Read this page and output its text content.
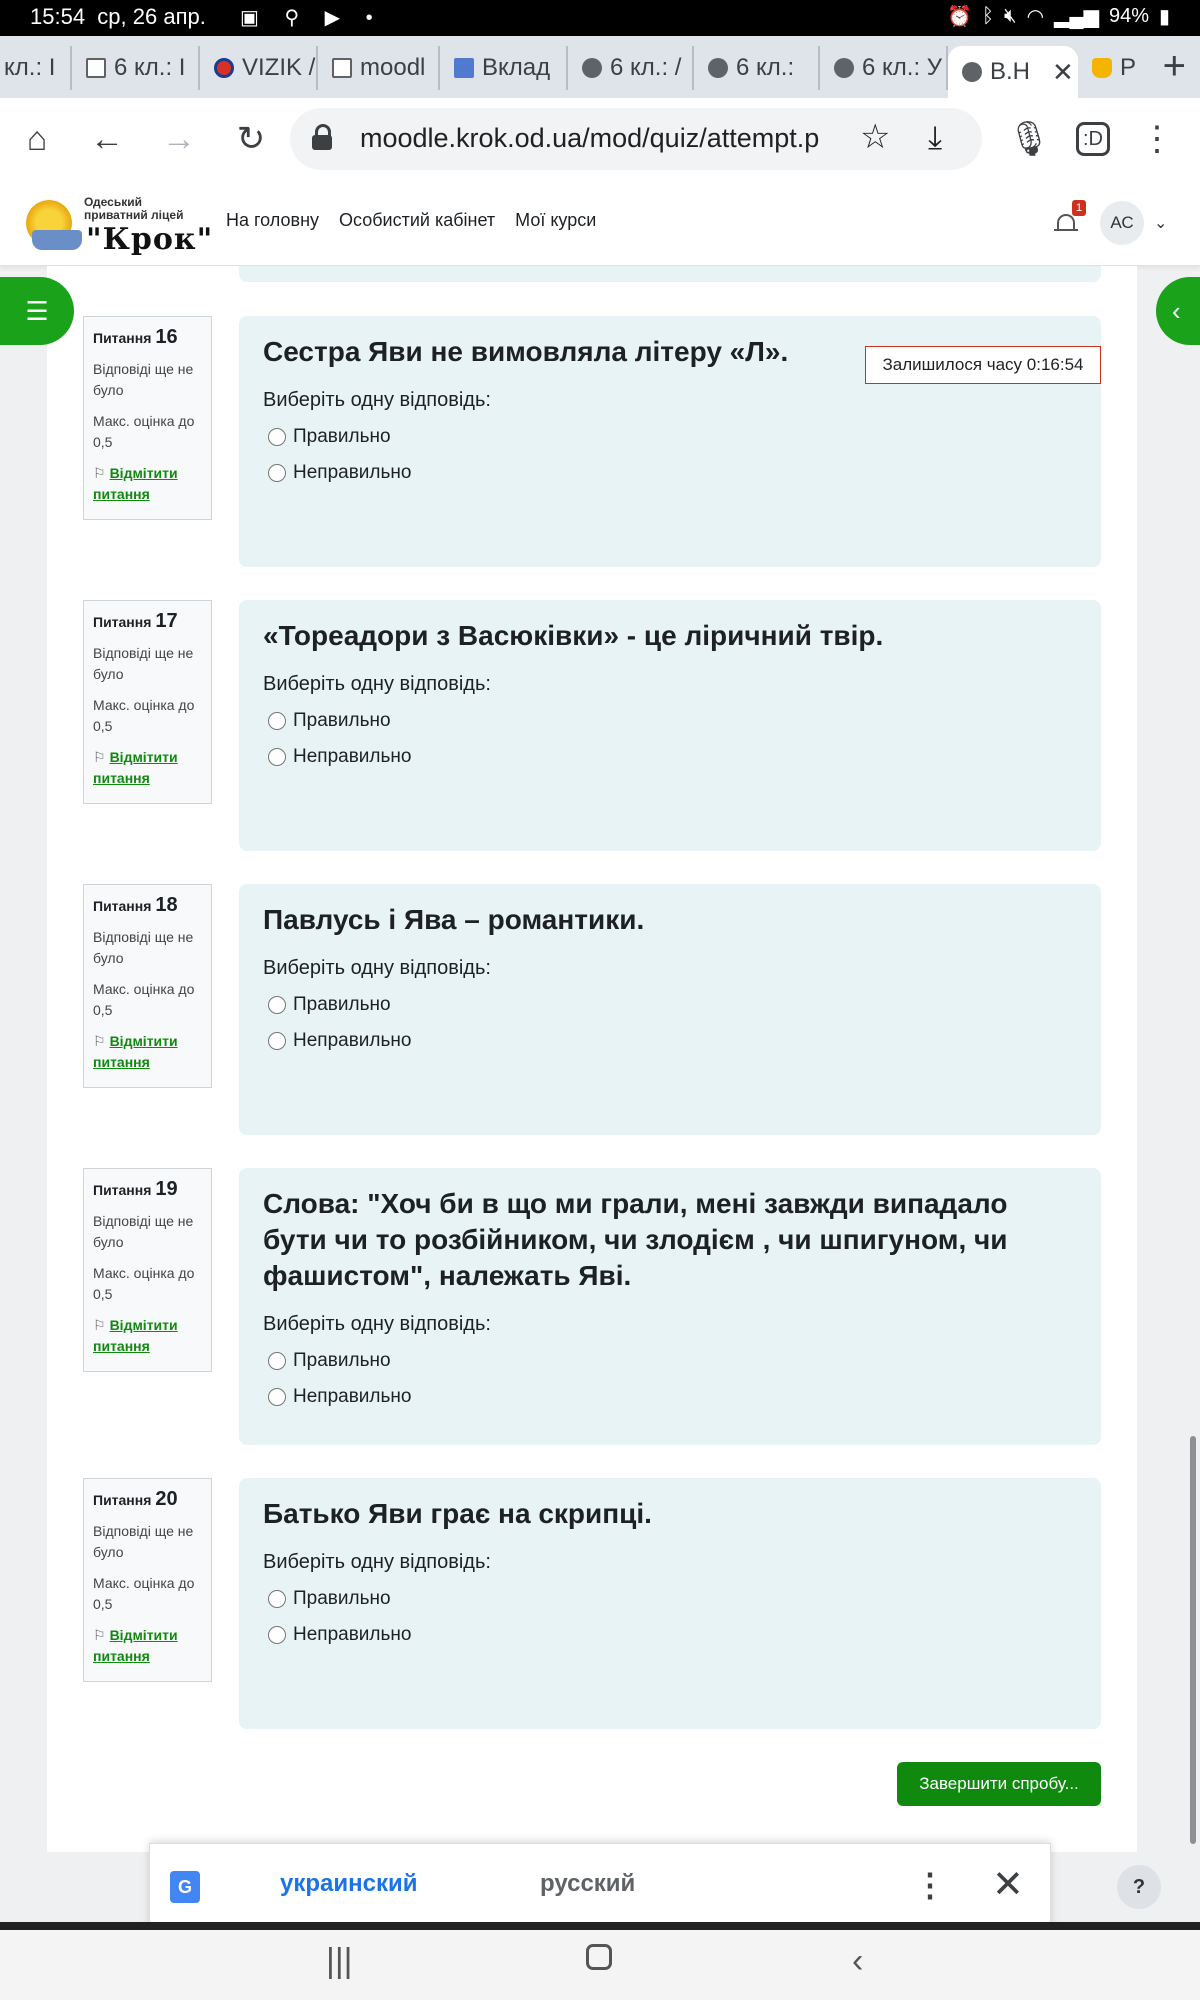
15:54 ср, 26 апр. ▣ ⚲ ▶ •	⏰ ᛒ 🔇︎ ◠ ▂▄▆ 94% ▮
кл.: I 6 кл.: I VIZIK / moodl Вклад 6 кл.: / 6 кл.:	6 кл.: У В.Н ✕ P +
⌂	← → ↻	moodle.krok.od.ua/mod/quiz/attempt.p	☆ ⤓ 🎙︎	:D ⋮
Одеський приватний ліцей
"Крок"
На головну Особистий кабінет Мої курси
1
АС	⌄
☰	‹
Питання 16
Відповіді ще не було
Макс. оцінка до 0,5
⚐ Відмітити питання
Сестра Яви не вимовляла літеру «Л».
Виберіть одну відповідь:
Правильно
Неправильно
Залишилося часу 0:16:54
Питання 17
Відповіді ще не було
Макс. оцінка до 0,5
⚐ Відмітити питання
«Тореадори з Васюківки» - це ліричний твір.
Виберіть одну відповідь:
Правильно
Неправильно
Питання 18
Відповіді ще не було
Макс. оцінка до 0,5
⚐ Відмітити питання
Павлусь і Ява – романтики.
Виберіть одну відповідь:
Правильно
Неправильно
Питання 19
Відповіді ще не було
Макс. оцінка до 0,5
⚐ Відмітити питання
Слова: "Хоч би в що ми грали, мені завжди випадало бути чи то розбійником, чи злодієм , чи шпигуном, чи фашистом", належать Яві.
Виберіть одну відповідь:
Правильно
Неправильно
Питання 20
Відповіді ще не було
Макс. оцінка до 0,5
⚐ Відмітити питання
Батько Яви грає на скрипці.
Виберіть одну відповідь:
Правильно
Неправильно
Завершити спробу...
G	украинский	русский	⋮ ✕	?
|||	‹
